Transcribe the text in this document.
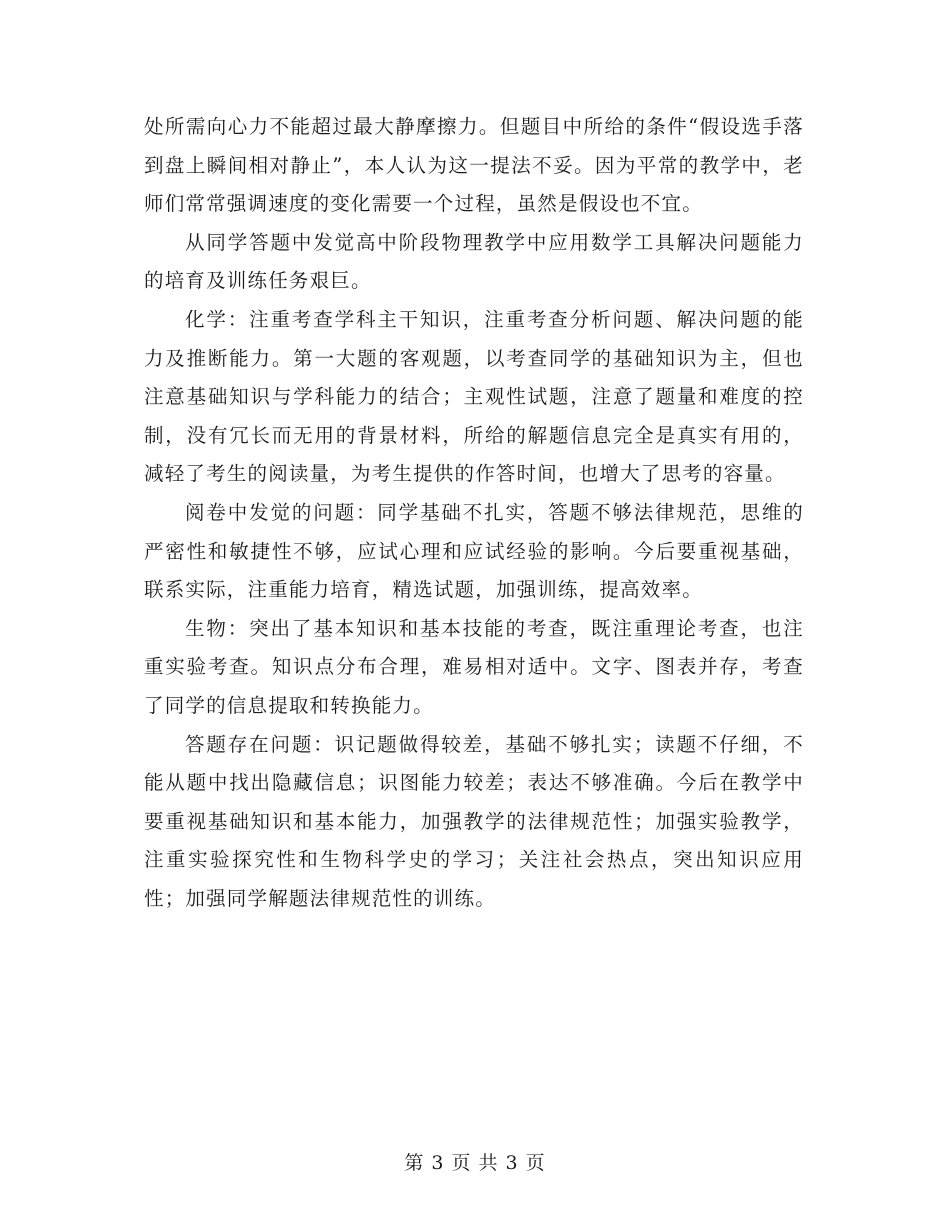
处所需向心力不能超过最大静摩擦力。但题目中所给的条件“假设选手落到盘上瞬间相对静止”，本人认为这一提法不妥。因为平常的教学中，老师们常常强调速度的变化需要一个过程，虽然是假设也不宜。

从同学答题中发觉高中阶段物理教学中应用数学工具解决问题能力的培育及训练任务艰巨。

化学：注重考查学科主干知识，注重考查分析问题、解决问题的能力及推断能力。第一大题的客观题，以考查同学的基础知识为主，但也注意基础知识与学科能力的结合；主观性试题，注意了题量和难度的控制，没有冗长而无用的背景材料，所给的解题信息完全是真实有用的，减轻了考生的阅读量，为考生提供的作答时间，也增大了思考的容量。

阅卷中发觉的问题：同学基础不扎实，答题不够法律规范，思维的严密性和敏捷性不够，应试心理和应试经验的影响。今后要重视基础，联系实际，注重能力培育，精选试题，加强训练，提高效率。

生物：突出了基本知识和基本技能的考查，既注重理论考查，也注重实验考查。知识点分布合理，难易相对适中。文字、图表并存，考查了同学的信息提取和转换能力。

答题存在问题：识记题做得较差，基础不够扎实；读题不仔细，不能从题中找出隐藏信息；识图能力较差；表达不够准确。今后在教学中要重视基础知识和基本能力，加强教学的法律规范性；加强实验教学，注重实验探究性和生物科学史的学习；关注社会热点，突出知识应用性；加强同学解题法律规范性的训练。

第 3 页 共 3 页
